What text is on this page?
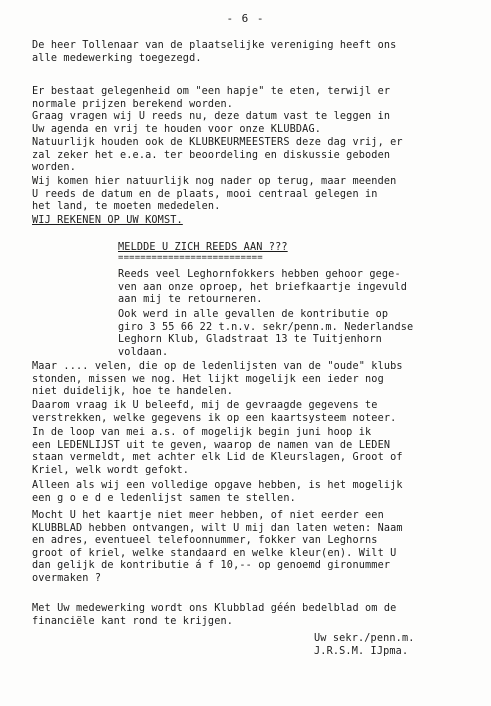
- 6 -
De heer Tollenaar van de plaatselijke vereniging heeft ons
alle medewerking toegezegd.
Er bestaat gelegenheid om "een hapje" te eten, terwijl er
normale prijzen berekend worden.
Graag vragen wij U reeds nu, deze datum vast te leggen in
Uw agenda en vrij te houden voor onze KLUBDAG.
Natuurlijk houden ook de KLUBKEURMEESTERS deze dag vrij, er
zal zeker het e.e.a. ter beoordeling en diskussie geboden
worden.
Wij komen hier natuurlijk nog nader op terug, maar meenden
U reeds de datum en de plaats, mooi centraal gelegen in
het land, te moeten mededelen.
WIJ REKENEN OP UW KOMST.
MELDDE U ZICH REEDS AAN ???
==========================
Reeds veel Leghornfokkers hebben gehoor gege-
ven aan onze oproep, het briefkaartje ingevuld
aan mij te retourneren.
Ook werd in alle gevallen de kontributie op
giro 3 55 66 22 t.n.v. sekr/penn.m. Nederlandse
Leghorn Klub, Gladstraat 13 te Tuitjenhorn
voldaan.
Maar .... velen, die op de ledenlijsten van de "oude" klubs
stonden, missen we nog. Het lijkt mogelijk een ieder nog
niet duidelijk, hoe te handelen.
Daarom vraag ik U beleefd, mij de gevraagde gegevens te
verstrekken, welke gegevens ik op een kaartsysteem noteer.
In de loop van mei a.s. of mogelijk begin juni hoop ik
een LEDENLIJST uit te geven, waarop de namen van de LEDEN
staan vermeldt, met achter elk Lid de Kleurslagen, Groot of
Kriel, welk wordt gefokt.
Alleen als wij een volledige opgave hebben, is het mogelijk
een g o e d e ledenlijst samen te stellen.
Mocht U het kaartje niet meer hebben, of niet eerder een
KLUBBLAD hebben ontvangen, wilt U mij dan laten weten: Naam
en adres, eventueel telefoonnummer, fokker van Leghorns
groot of kriel, welke standaard en welke kleur(en). Wilt U
dan gelijk de kontributie á f 10,-- op genoemd gironummer
overmaken ?
Met Uw medewerking wordt ons Klubblad géén bedelblad om de
financiële kant rond te krijgen.
Uw sekr./penn.m.
J.R.S.M. IJpma.
